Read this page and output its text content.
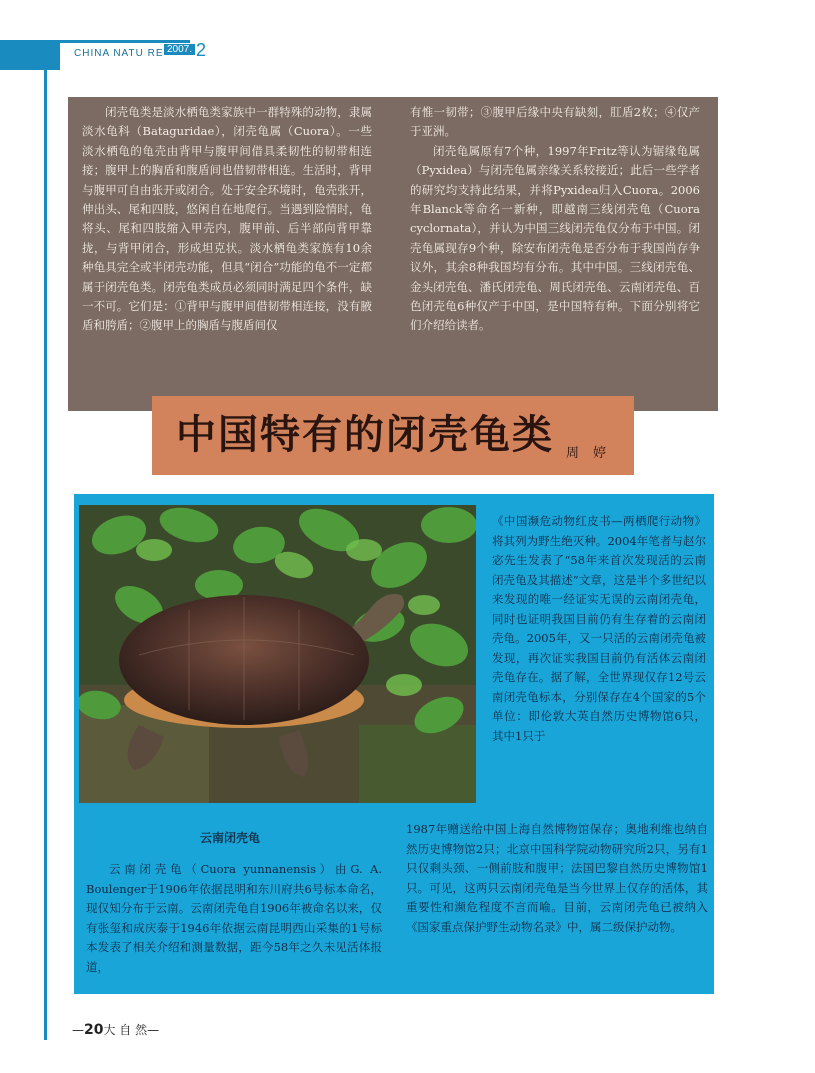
CHINA NATU RE 2007. 2

闭壳龟类是淡水栖龟类家族中一群特殊的动物，隶属淡水龟科（Bataguridae），闭壳龟属（Cuora）。一些淡水栖龟的龟壳由背甲与腹甲间借具柔韧性的韧带相连接；腹甲上的胸盾和腹盾间也借韧带相连。生活时，背甲与腹甲可自由张开或闭合。处于安全环境时，龟壳张开，伸出头、尾和四肢，悠闲自在地爬行。当遇到险情时，龟将头、尾和四肢缩入甲壳内，腹甲前、后半部向背甲靠拢，与背甲闭合，形成坦克状。淡水栖龟类家族有10余种龟具完全或半闭壳功能，但具“闭合”功能的龟不一定都属于闭壳龟类。闭壳龟类成员必须同时满足四个条件，缺一不可。它们是：①背甲与腹甲间借韧带相连接，没有腋盾和胯盾；②腹甲上的胸盾与腹盾间仅

有惟一韧带；③腹甲后缘中央有缺刻，肛盾2枚；④仅产于亚洲。

闭壳龟属原有7个种，1997年Fritz等认为锯缘龟属（Pyxidea）与闭壳龟属亲缘关系较接近；此后一些学者的研究均支持此结果，并将Pyxidea归入Cuora。2006年Blanck等命名一新种，即越南三线闭壳龟（Cuora cyclornata），并认为中国三线闭壳龟仅分布于中国。闭壳龟属现存9个种，除安布闭壳龟是否分布于我国尚存争议外，其余8种我国均有分布。其中中国。三线闭壳龟、金头闭壳龟、潘氏闭壳龟、周氏闭壳龟、云南闭壳龟、百色闭壳龟6种仅产于中国，是中国特有种。下面分别将它们介绍给读者。

中国特有的闭壳龟类 周婷
云南闭壳龟

云南闭壳龟（Cuora yunnanensis）由G. A. Boulenger于1906年依据昆明和东川府共6号标本命名，现仅知分布于云南。云南闭壳龟自1906年被命名以来，仅有张玺和成庆泰于1946年依据云南昆明西山采集的1号标本发表了相关介绍和测量数据，距今58年之久未见活体报道，

《中国濒危动物红皮书—两栖爬行动物》将其列为野生绝灭种。2004年笔者与赵尔宓先生发表了“58年来首次发现活的云南闭壳龟及其描述”文章，这是半个多世纪以来发现的唯一经证实无误的云南闭壳龟，同时也证明我国目前仍有生存着的云南闭壳龟。2005年，又一只活的云南闭壳龟被发现，再次证实我国目前仍有活体云南闭壳龟存在。据了解，全世界现仅存12号云南闭壳龟标本，分别保存在4个国家的5个单位：即伦敦大英自然历史博物馆6只，其中1只于

1987年赠送给中国上海自然博物馆保存；奥地利维也纳自然历史博物馆2只；北京中国科学院动物研究所2只，另有1只仅剩头颈、一侧前肢和腹甲；法国巴黎自然历史博物馆1只。可见，这两只云南闭壳龟是当今世界上仅存的活体，其重要性和濒危程度不言而喻。目前，云南闭壳龟已被纳入《国家重点保护野生动物名录》中，属二级保护动物。

—20大 自 然—
